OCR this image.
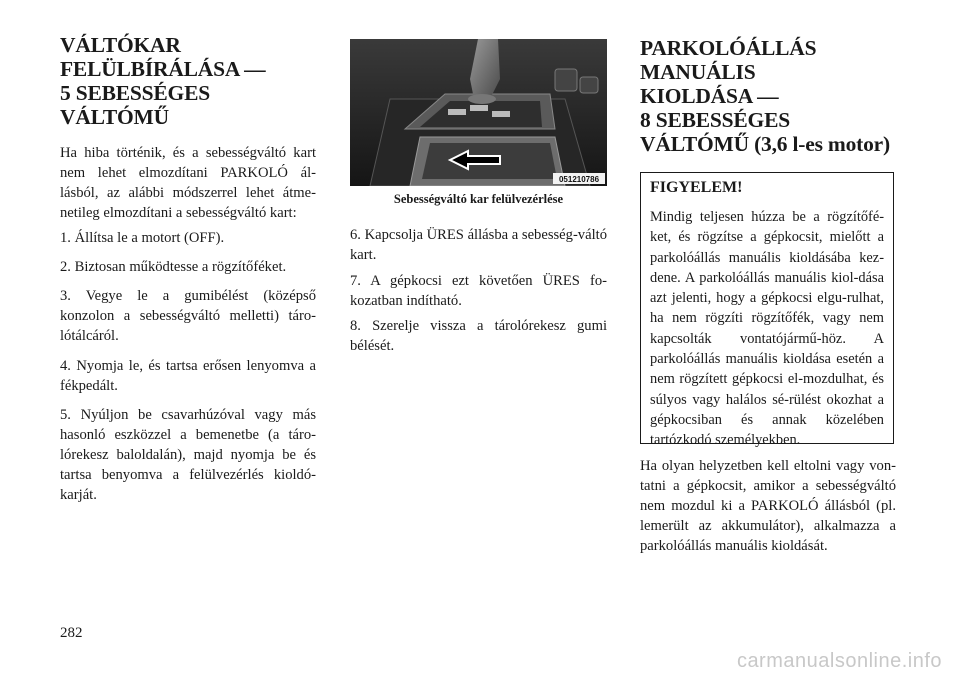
VÁLTÓKAR
FELÜLBÍRÁLÁSA —
5 SEBESSÉGES
VÁLTÓMŰ

Ha hiba történik, és a sebességváltó kart nem lehet elmozdítani PARKOLÓ ál-lásból, az alábbi módszerrel lehet átme-netileg elmozdítani a sebességváltó kart:

1. Állítsa le a motort (OFF).

2. Biztosan működtesse a rögzítőféket.

3. Vegye le a gumibélést (középső konzolon a sebességváltó melletti) táro-lótálcáról.

4. Nyomja le, és tartsa erősen lenyomva a fékpedált.

5. Nyúljon be csavarhúzóval vagy más hasonló eszközzel a bemenetbe (a táro-lórekesz baloldalán), majd nyomja be és tartsa benyomva a felülvezérlés kioldó-karját.

051210786
Sebességváltó kar felülvezérlése

6. Kapcsolja ÜRES állásba a sebesség-váltó kart.

7. A gépkocsi ezt követően ÜRES fo-kozatban indítható.

8. Szerelje vissza a tárolórekesz gumi bélését.

PARKOLÓÁLLÁS
MANUÁLIS
KIOLDÁSA —
8 SEBESSÉGES
VÁLTÓMŰ (3,6 l-es motor)
FIGYELEM!
Mindig teljesen húzza be a rögzítőfé-ket, és rögzítse a gépkocsit, mielőtt a parkolóállás manuális kioldásába kez-dene. A parkolóállás manuális kiol-dása azt jelenti, hogy a gépkocsi elgu-rulhat, ha nem rögzíti rögzítőfék, vagy nem kapcsolták vontatójármű-höz. A parkolóállás manuális kioldása esetén a nem rögzített gépkocsi el-mozdulhat, és súlyos vagy halálos sé-rülést okozhat a gépkocsiban és annak közelében tartózkodó személyekben.

Ha olyan helyzetben kell eltolni vagy von-tatni a gépkocsit, amikor a sebességváltó nem mozdul ki a PARKOLÓ állásból (pl. lemerült az akkumulátor), alkalmazza a parkolóállás manuális kioldását.

282
carmanualsonline.info
